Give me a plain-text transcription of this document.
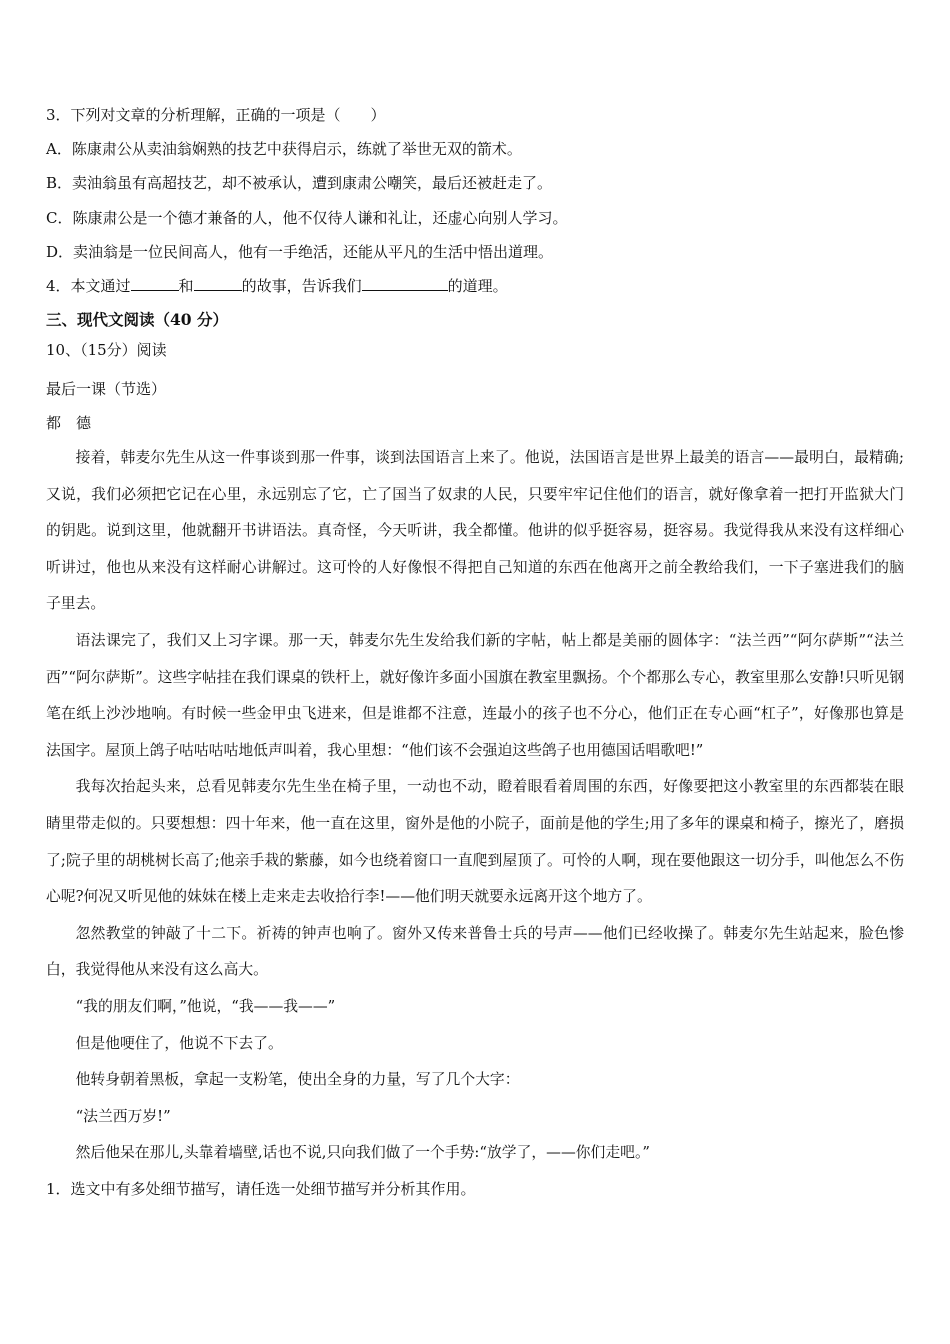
3．下列对文章的分析理解，正确的一项是（　　）
A．陈康肃公从卖油翁娴熟的技艺中获得启示，练就了举世无双的箭术。
B．卖油翁虽有高超技艺，却不被承认，遭到康肃公嘲笑，最后还被赶走了。
C．陈康肃公是一个德才兼备的人，他不仅待人谦和礼让，还虚心向别人学习。
D．卖油翁是一位民间高人，他有一手绝活，还能从平凡的生活中悟出道理。
4．本文通过	和	的故事，告诉我们	的道理。
三、现代文阅读（40 分）
10、（15分）阅读
最后一课（节选）
都　德
接着，韩麦尔先生从这一件事谈到那一件事，谈到法国语言上来了。他说，法国语言是世界上最美的语言——最明白，最精确;又说，我们必须把它记在心里，永远别忘了它，亡了国当了奴隶的人民，只要牢牢记住他们的语言，就好像拿着一把打开监狱大门的钥匙。说到这里，他就翻开书讲语法。真奇怪，今天听讲，我全都懂。他讲的似乎挺容易，挺容易。我觉得我从来没有这样细心听讲过，他也从来没有这样耐心讲解过。这可怜的人好像恨不得把自己知道的东西在他离开之前全教给我们，一下子塞进我们的脑子里去。
语法课完了，我们又上习字课。那一天，韩麦尔先生发给我们新的字帖，帖上都是美丽的圆体字：“法兰西”“阿尔萨斯”“法兰西”“阿尔萨斯”。这些字帖挂在我们课桌的铁杆上，就好像许多面小国旗在教室里飘扬。个个都那么专心，教室里那么安静!只听见钢笔在纸上沙沙地响。有时候一些金甲虫飞进来，但是谁都不注意，连最小的孩子也不分心，他们正在专心画“杠子”，好像那也算是法国字。屋顶上鸽子咕咕咕咕地低声叫着，我心里想：“他们该不会强迫这些鸽子也用德国话唱歌吧!”
我每次抬起头来，总看见韩麦尔先生坐在椅子里，一动也不动，瞪着眼看着周围的东西，好像要把这小教室里的东西都装在眼睛里带走似的。只要想想：四十年来，他一直在这里，窗外是他的小院子，面前是他的学生;用了多年的课桌和椅子，擦光了，磨损了;院子里的胡桃树长高了;他亲手栽的紫藤，如今也绕着窗口一直爬到屋顶了。可怜的人啊，现在要他跟这一切分手，叫他怎么不伤心呢?何况又听见他的妹妹在楼上走来走去收拾行李!——他们明天就要永远离开这个地方了。
忽然教堂的钟敲了十二下。祈祷的钟声也响了。窗外又传来普鲁士兵的号声——他们已经收操了。韩麦尔先生站起来，脸色惨白，我觉得他从来没有这么高大。
“我的朋友们啊，”他说，“我——我——”
但是他哽住了，他说不下去了。
他转身朝着黑板，拿起一支粉笔，使出全身的力量，写了几个大字：
“法兰西万岁!”
然后他呆在那儿,头靠着墙壁,话也不说,只向我们做了一个手势:“放学了，——你们走吧。”
1．选文中有多处细节描写，请任选一处细节描写并分析其作用。
